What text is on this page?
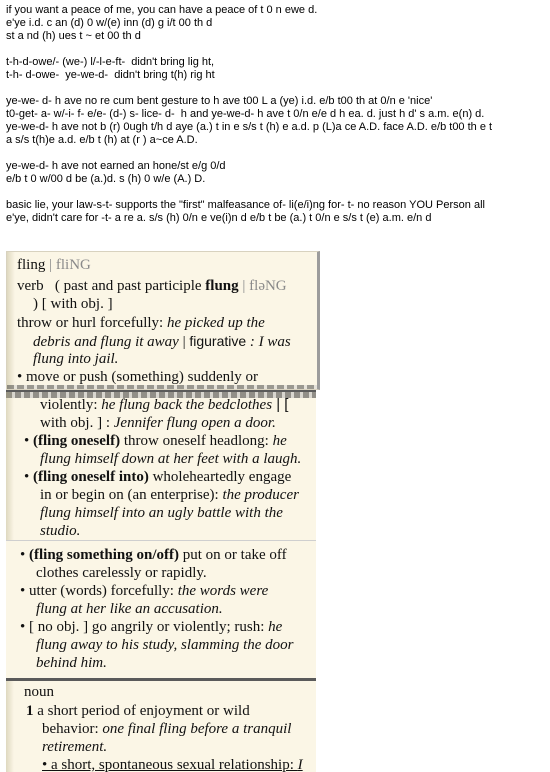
if you want a peace of me, you can have a peace of t 0 n ewe d.

e'ye i.d. c an (d) 0 w/(e) inn (d) g i/t 00 th d

st a nd (h) ues t ~ et 00 th d

t-h-d-owe/- (we-) l/-l-e-ft-  didn't bring lig ht,

t-h- d-owe-  ye-we-d-  didn't bring t(h) rig ht

ye-we- d- h ave no re cum bent gesture to h ave t00 L a (ye) i.d. e/b t00 th at 0/n e 'nice'

t0-get- a- w/-i- f- e/e- (d-) s- lice- d-  h and ye-we-d- h ave t 0/n e/e d h ea. d. just h d' s a.m. e(n) d.

ye-we-d- h ave not b (r) 0ugh t/h d aye (a.) t in e s/s t (h) e a.d. p (L)a ce A.D. face A.D. e/b t00 th e t

a s/s t(h)e a.d. e/b t (h) at (r ) a~ce A.D.

ye-we-d- h ave not earned an hone/st e/g 0/d

e/b t 0 w/00 d be (a.)d. s (h) 0 w/e (A.) D.

basic lie, your law-s-t- supports the "first" malfeasance of- li(e/i)ng for- t- no reason YOU Person all

e'ye, didn't care for -t- a re a. s/s (h) 0/n e ve(i)n d e/b t be (a.) t 0/n e s/s t (e) a.m. e/n d

fling | fliNG
verb ( past and past participle flung | fləNG
) [ with obj. ]
throw or hurl forcefully: he picked up the
debris and flung it away | figurative : I was
flung into jail.
• move or push (something) suddenly or
violently: he flung back the bedclothes | [
with obj. ] : Jennifer flung open a door.
• (fling oneself) throw oneself headlong: he
flung himself down at her feet with a laugh.
• (fling oneself into) wholeheartedly engage
in or begin on (an enterprise): the producer
flung himself into an ugly battle with the
studio.
• (fling something on/off) put on or take off
clothes carelessly or rapidly.
• utter (words) forcefully: the words were
flung at her like an accusation.
• [ no obj. ] go angrily or violently; rush: he
flung away to his study, slamming the door
behind him.
noun
1 a short period of enjoyment or wild
behavior: one final fling before a tranquil
retirement.
• a short, spontaneous sexual relationship: I
